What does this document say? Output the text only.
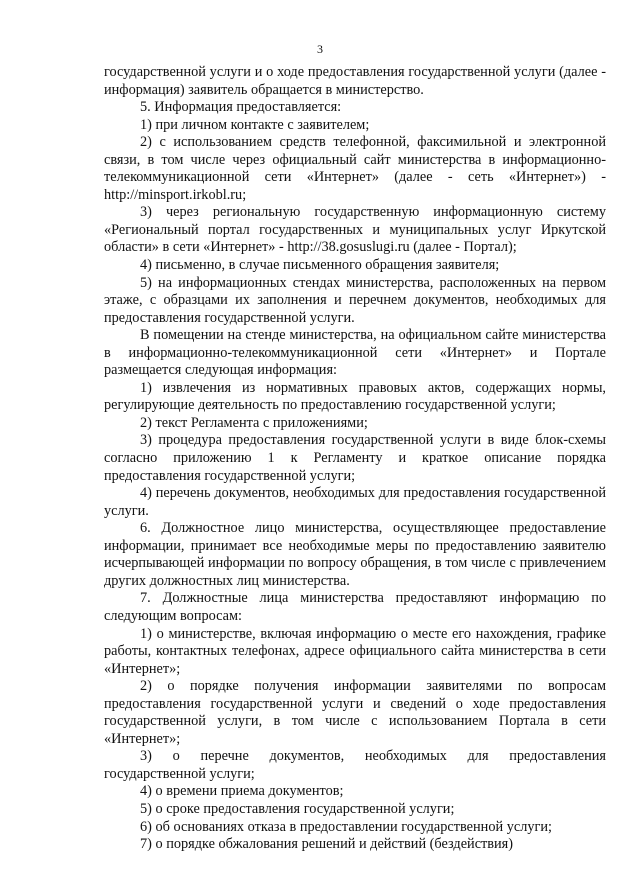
3

государственной услуги и о ходе предоставления государственной услуги (далее - информация) заявитель обращается в министерство.

5. Информация предоставляется:

1) при личном контакте с заявителем;

2) с использованием средств телефонной, факсимильной и электронной связи, в том числе через официальный сайт министерства в информационно-телекоммуникационной сети «Интернет» (далее - сеть «Интернет») - http://minsport.irkobl.ru;

3) через региональную государственную информационную систему «Региональный портал государственных и муниципальных услуг Иркутской области» в сети «Интернет» - http://38.gosuslugi.ru (далее - Портал);

4) письменно, в случае письменного обращения заявителя;

5) на информационных стендах министерства, расположенных на первом этаже, с образцами их заполнения и перечнем документов, необходимых для предоставления государственной услуги.

В помещении на стенде министерства, на официальном сайте министерства в информационно-телекоммуникационной сети «Интернет» и Портале размещается следующая информация:

1) извлечения из нормативных правовых актов, содержащих нормы, регулирующие деятельность по предоставлению государственной услуги;

2) текст Регламента с приложениями;

3) процедура предоставления государственной услуги в виде блок-схемы согласно приложению 1 к Регламенту и краткое описание порядка предоставления государственной услуги;

4) перечень документов, необходимых для предоставления государственной услуги.

6. Должностное лицо министерства, осуществляющее предоставление информации, принимает все необходимые меры по предоставлению заявителю исчерпывающей информации по вопросу обращения, в том числе с привлечением других должностных лиц министерства.

7. Должностные лица министерства предоставляют информацию по следующим вопросам:

1) о министерстве, включая информацию о месте его нахождения, графике работы, контактных телефонах, адресе официального сайта министерства в сети «Интернет»;

2) о порядке получения информации заявителями по вопросам предоставления государственной услуги и сведений о ходе предоставления государственной услуги, в том числе с использованием Портала в сети «Интернет»;

3) о перечне документов, необходимых для предоставления государственной услуги;

4) о времени приема документов;

5) о сроке предоставления государственной услуги;

6) об основаниях отказа в предоставлении государственной услуги;

7) о порядке обжалования решений и действий (бездействия)
